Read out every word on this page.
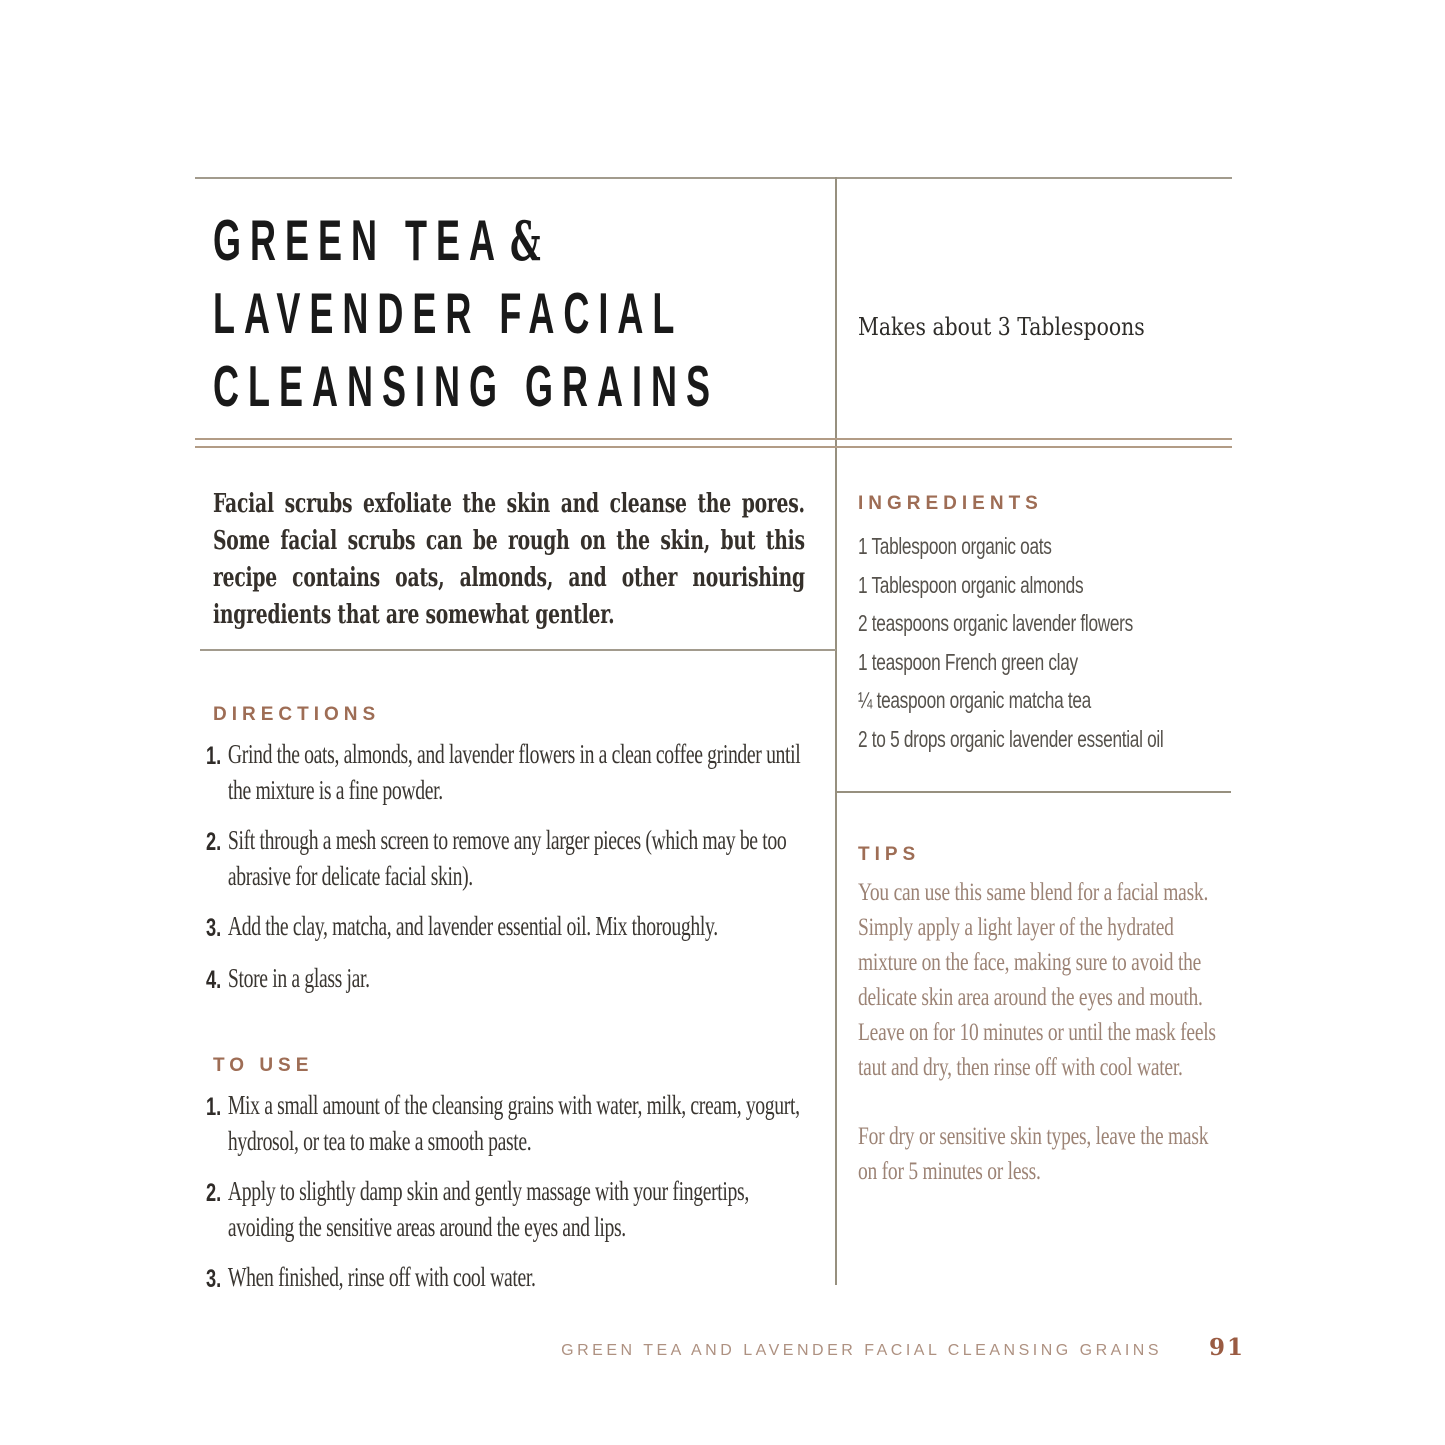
GREEN TEA &
LAVENDER FACIAL
CLEANSING GRAINS
Makes about 3 Tablespoons
Facial scrubs exfoliate the skin and cleanse the pores. Some facial scrubs can be rough on the skin, but this recipe contains oats, almonds, and other nourishing ingredients that are somewhat gentler.
DIRECTIONS
1. Grind the oats, almonds, and lavender flowers in a clean coffee grinder until the mixture is a fine powder.
2. Sift through a mesh screen to remove any larger pieces (which may be too abrasive for delicate facial skin).
3. Add the clay, matcha, and lavender essential oil. Mix thoroughly.
4. Store in a glass jar.
TO USE
1. Mix a small amount of the cleansing grains with water, milk, cream, yogurt, hydrosol, or tea to make a smooth paste.
2. Apply to slightly damp skin and gently massage with your fingertips, avoiding the sensitive areas around the eyes and lips.
3. When finished, rinse off with cool water.
INGREDIENTS
1 Tablespoon organic oats
1 Tablespoon organic almonds
2 teaspoons organic lavender flowers
1 teaspoon French green clay
¼ teaspoon organic matcha tea
2 to 5 drops organic lavender essential oil
TIPS

You can use this same blend for a facial mask. Simply apply a light layer of the hydrated mixture on the face, making sure to avoid the delicate skin area around the eyes and mouth. Leave on for 10 minutes or until the mask feels taut and dry, then rinse off with cool water.

For dry or sensitive skin types, leave the mask on for 5 minutes or less.

GREEN TEA AND LAVENDER FACIAL CLEANSING GRAINS 91
